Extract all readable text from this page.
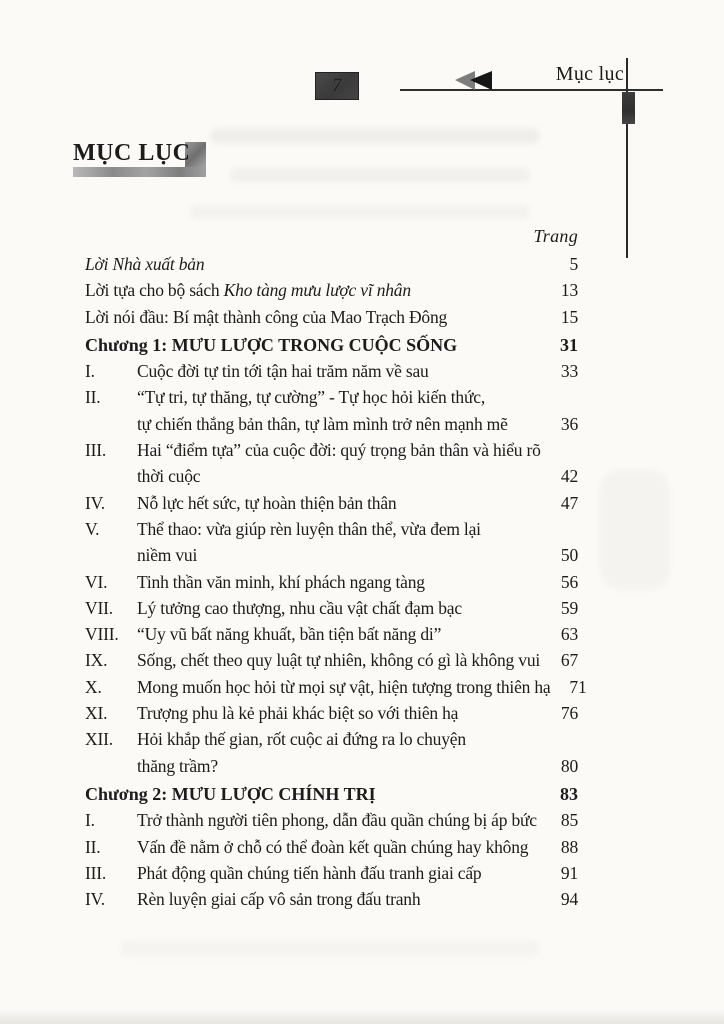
7
Mục lục
MỤC LỤC
Trang
Lời Nhà xuất bản	5
Lời tựa cho bộ sách Kho tàng mưu lược vĩ nhân	13
Lời nói đầu: Bí mật thành công của Mao Trạch Đông	15
Chương 1: MƯU LƯỢC TRONG CUỘC SỐNG	31
I.	Cuộc đời tự tin tới tận hai trăm năm về sau	33
II.	“Tự tri, tự thăng, tự cường” - Tự học hỏi kiến thức,
tự chiến thắng bản thân, tự làm mình trở nên mạnh mẽ	36
III.	Hai “điểm tựa” của cuộc đời: quý trọng bản thân và hiểu rõ
thời cuộc	42
IV.	Nỗ lực hết sức, tự hoàn thiện bản thân	47
V.	Thể thao: vừa giúp rèn luyện thân thể, vừa đem lại
niềm vui	50
VI.	Tinh thần văn minh, khí phách ngang tàng	56
VII.	Lý tưởng cao thượng, nhu cầu vật chất đạm bạc	59
VIII.	“Uy vũ bất năng khuất, bần tiện bất năng di”	63
IX.	Sống, chết theo quy luật tự nhiên, không có gì là không vui	67
X.	Mong muốn học hỏi từ mọi sự vật, hiện tượng trong thiên hạ	71
XI.	Trượng phu là kẻ phải khác biệt so với thiên hạ	76
XII.	Hỏi khắp thế gian, rốt cuộc ai đứng ra lo chuyện
thăng trầm?	80
Chương 2: MƯU LƯỢC CHÍNH TRỊ	83
I.	Trở thành người tiên phong, dẫn đầu quần chúng bị áp bức	85
II.	Vấn đề nằm ở chỗ có thể đoàn kết quần chúng hay không	88
III.	Phát động quần chúng tiến hành đấu tranh giai cấp	91
IV.	Rèn luyện giai cấp vô sản trong đấu tranh	94
